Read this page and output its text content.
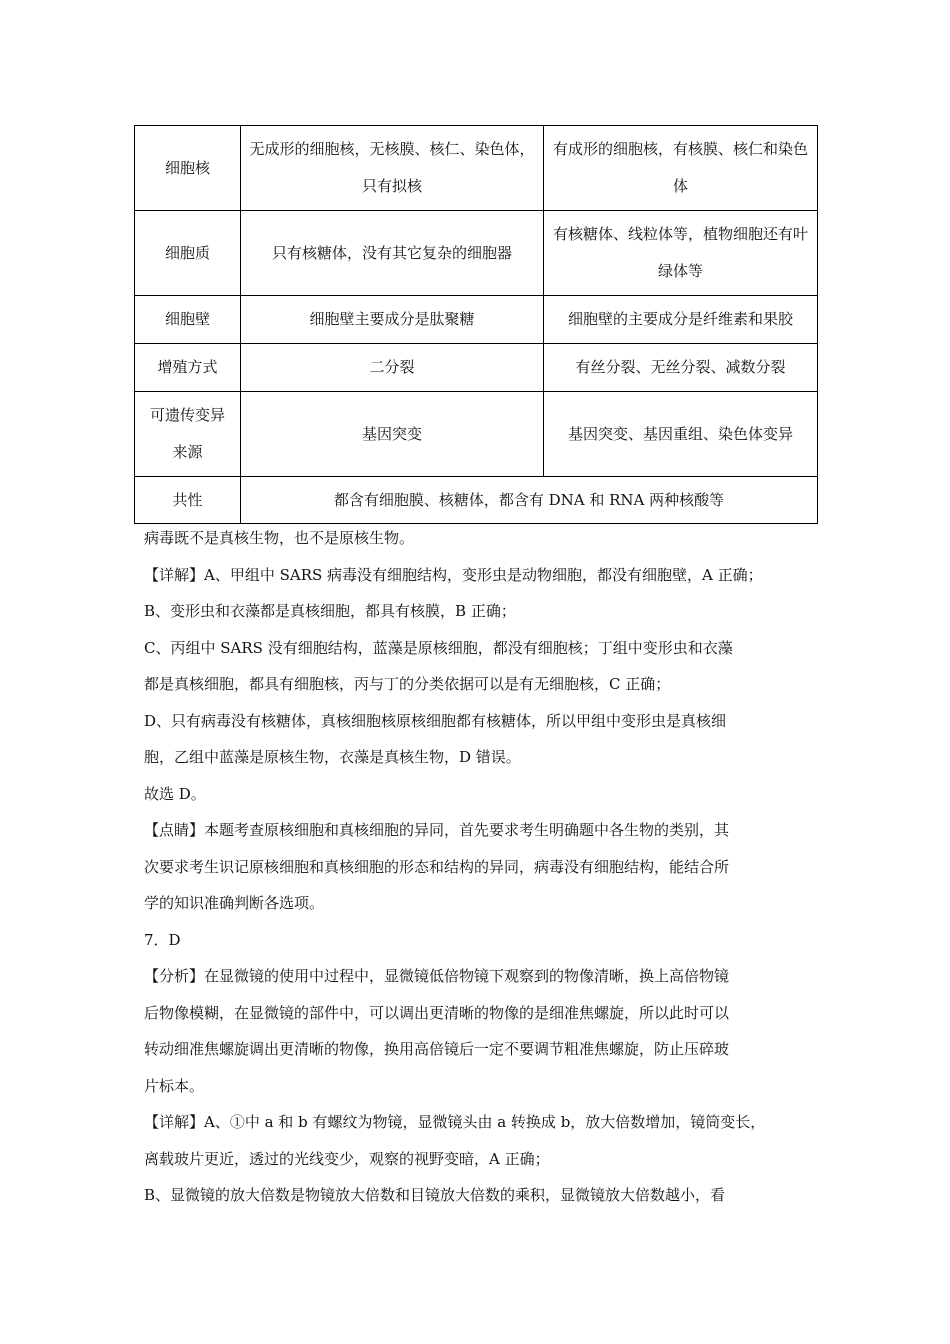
细胞核	无成形的细胞核，无核膜、核仁、染色体，只有拟核	有成形的细胞核，有核膜、核仁和染色体
细胞质	只有核糖体，没有其它复杂的细胞器	有核糖体、线粒体等，植物细胞还有叶绿体等
细胞壁	细胞壁主要成分是肽聚糖	细胞壁的主要成分是纤维素和果胶
增殖方式	二分裂	有丝分裂、无丝分裂、减数分裂
可遗传变异来源	基因突变	基因突变、基因重组、染色体变异
共性	都含有细胞膜、核糖体，都含有 DNA 和 RNA 两种核酸等	

病毒既不是真核生物，也不是原核生物。

【详解】A、甲组中 SARS 病毒没有细胞结构，变形虫是动物细胞，都没有细胞壁，A 正确；

B、变形虫和衣藻都是真核细胞，都具有核膜，B 正确；

C、丙组中 SARS 没有细胞结构，蓝藻是原核细胞，都没有细胞核；丁组中变形虫和衣藻

都是真核细胞，都具有细胞核，丙与丁的分类依据可以是有无细胞核，C 正确；

D、只有病毒没有核糖体，真核细胞核原核细胞都有核糖体，所以甲组中变形虫是真核细

胞，乙组中蓝藻是原核生物，衣藻是真核生物，D 错误。

故选 D。

【点睛】本题考查原核细胞和真核细胞的异同，首先要求考生明确题中各生物的类别，其

次要求考生识记原核细胞和真核细胞的形态和结构的异同，病毒没有细胞结构，能结合所

学的知识准确判断各选项。

7．D

【分析】在显微镜的使用中过程中，显微镜低倍物镜下观察到的物像清晰，换上高倍物镜

后物像模糊，在显微镜的部件中，可以调出更清晰的物像的是细准焦螺旋，所以此时可以

转动细准焦螺旋调出更清晰的物像，换用高倍镜后一定不要调节粗准焦螺旋，防止压碎玻

片标本。

【详解】A、①中 a 和 b 有螺纹为物镜，显微镜头由 a 转换成 b，放大倍数增加，镜筒变长，

离载玻片更近，透过的光线变少，观察的视野变暗，A 正确；

B、显微镜的放大倍数是物镜放大倍数和目镜放大倍数的乘积，显微镜放大倍数越小，看
